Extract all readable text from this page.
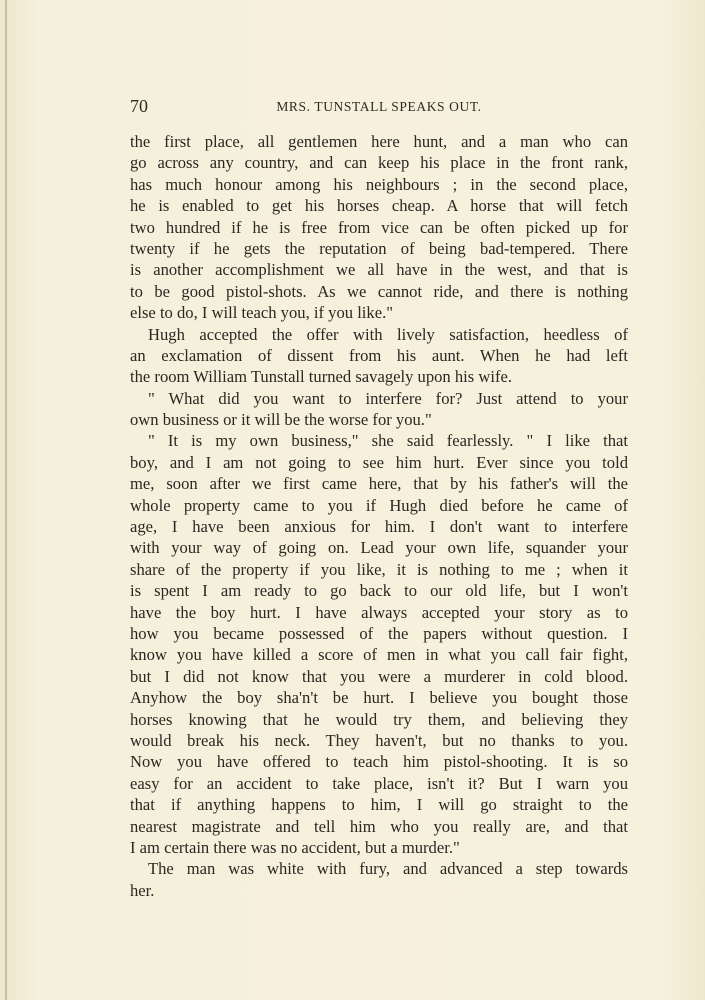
70	MRS. TUNSTALL SPEAKS OUT.
the first place, all gentlemen here hunt, and a man who can
go across any country, and can keep his place in the front rank,
has much honour among his neighbours ; in the second place,
he is enabled to get his horses cheap. A horse that will fetch
two hundred if he is free from vice can be often picked up for
twenty if he gets the reputation of being bad-tempered. There
is another accomplishment we all have in the west, and that is
to be good pistol-shots. As we cannot ride, and there is nothing
else to do, I will teach you, if you like."
Hugh accepted the offer with lively satisfaction, heedless of
an exclamation of dissent from his aunt. When he had left
the room William Tunstall turned savagely upon his wife.
" What did you want to interfere for? Just attend to your
own business or it will be the worse for you."
" It is my own business," she said fearlessly. " I like that
boy, and I am not going to see him hurt. Ever since you told
me, soon after we first came here, that by his father's will the
whole property came to you if Hugh died before he came of
age, I have been anxious for him. I don't want to interfere
with your way of going on. Lead your own life, squander your
share of the property if you like, it is nothing to me ; when it
is spent I am ready to go back to our old life, but I won't
have the boy hurt. I have always accepted your story as to
how you became possessed of the papers without question. I
know you have killed a score of men in what you call fair fight,
but I did not know that you were a murderer in cold blood.
Anyhow the boy sha'n't be hurt. I believe you bought those
horses knowing that he would try them, and believing they
would break his neck. They haven't, but no thanks to you.
Now you have offered to teach him pistol-shooting. It is so
easy for an accident to take place, isn't it? But I warn you
that if anything happens to him, I will go straight to the
nearest magistrate and tell him who you really are, and that
I am certain there was no accident, but a murder."
The man was white with fury, and advanced a step towards
her.
